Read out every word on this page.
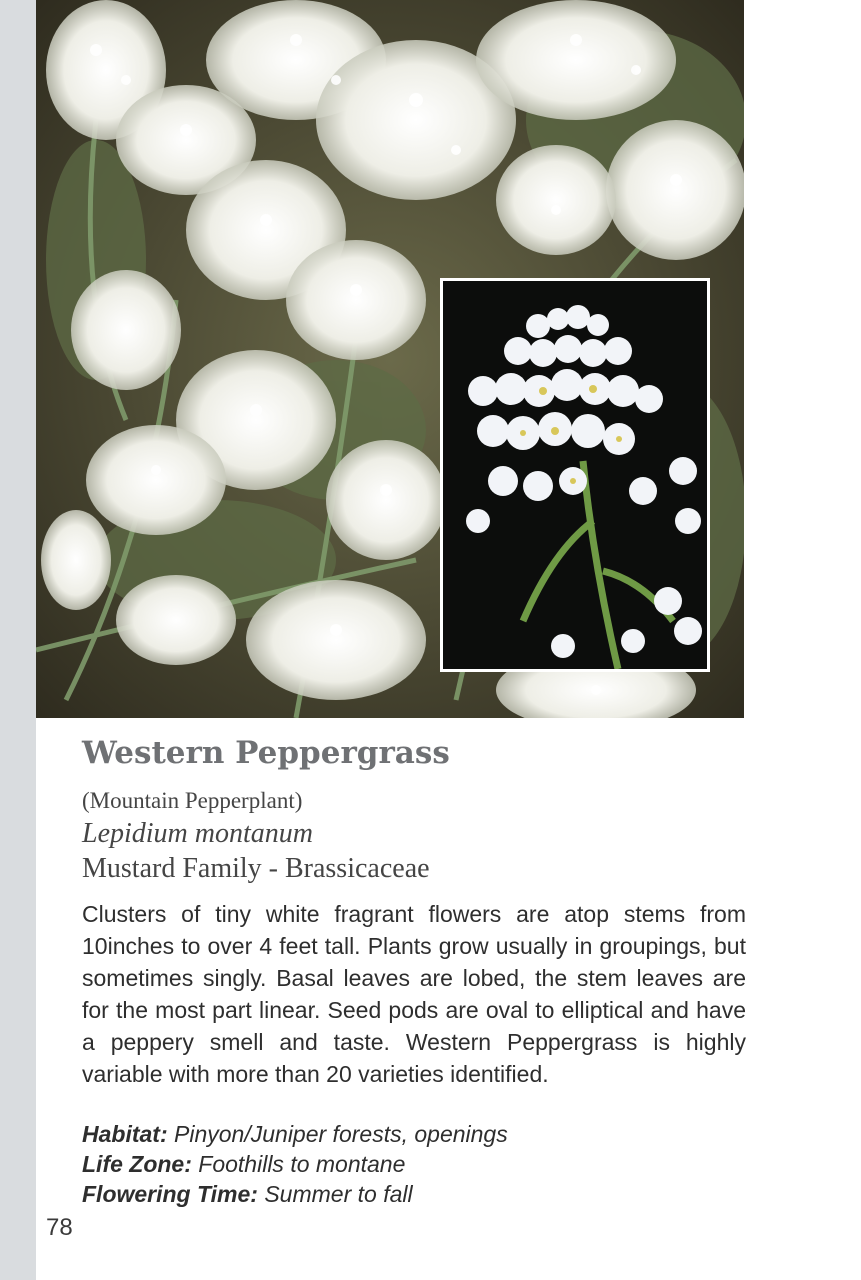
Western Peppergrass

(Mountain Pepperplant)

Lepidium montanum

Mustard Family - Brassicaceae

Clusters of tiny white fragrant flowers are atop stems from 10inches to over 4 feet tall. Plants grow usually in groupings, but sometimes singly. Basal leaves are lobed, the stem leaves are for the most part linear. Seed pods are oval to elliptical and have a peppery smell and taste. Western Peppergrass is highly variable with more than 20 varieties identified.

Habitat: Pinyon/Juniper forests, openings
Life Zone: Foothills to montane
Flowering Time: Summer to fall
78
